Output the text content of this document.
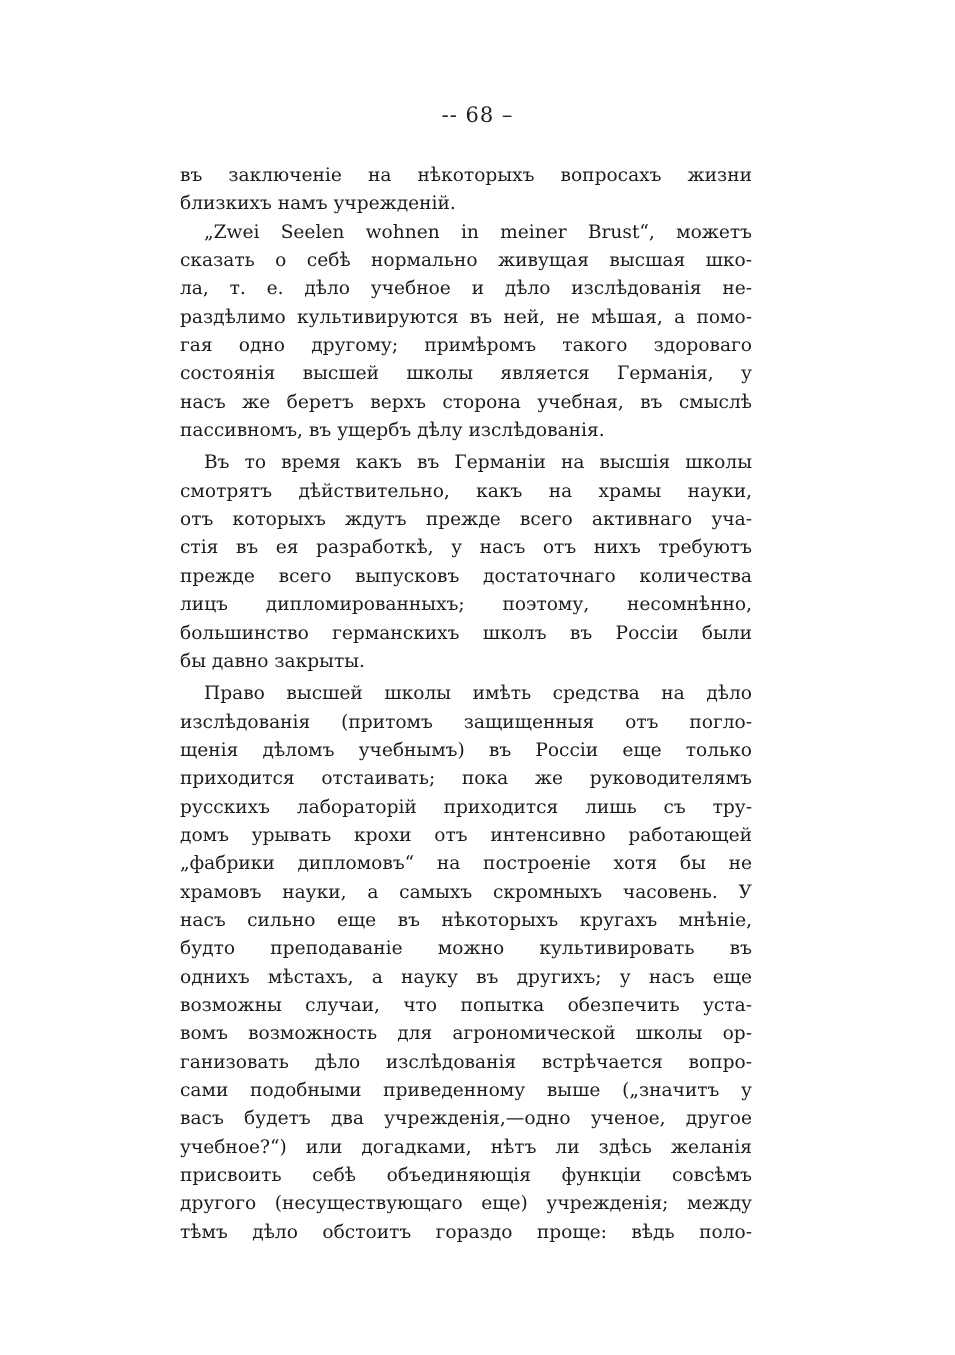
-- 68 –
въ заключеніе на нѣкоторыхъ вопросахъ жизни
близкихъ намъ учрежденій.
„Zwei Seelen wohnen in meiner Brust“, можетъ
сказать о себѣ нормально живущая высшая шко-
ла, т. е. дѣло учебное и дѣло изслѣдованія не-
раздѣлимо культивируются въ ней, не мѣшая, а помо-
гая одно другому; примѣромъ такого здороваго
состоянія высшей школы является Германія, у
насъ же беретъ верхъ сторона учебная, въ смыслѣ
пассивномъ, въ ущербъ дѣлу изслѣдованія.
Въ то время какъ въ Германіи на высшія школы
смотрятъ дѣйствительно, какъ на храмы науки,
отъ которыхъ ждутъ прежде всего активнаго уча-
стія въ ея разработкѣ, у насъ отъ нихъ требуютъ
прежде всего выпусковъ достаточнаго количества
лицъ дипломированныхъ; поэтому, несомнѣнно,
большинство германскихъ школъ въ Россіи были
бы давно закрыты.
Право высшей школы имѣть средства на дѣло
изслѣдованія (притомъ защищенныя отъ погло-
щенія дѣломъ учебнымъ) въ Россіи еще только
приходится отстаивать; пока же руководителямъ
русскихъ лабораторій приходится лишь съ тру-
домъ урывать крохи отъ интенсивно работающей
„фабрики дипломовъ“ на построеніе хотя бы не
храмовъ науки, а самыхъ скромныхъ часовень. У
насъ сильно еще въ нѣкоторыхъ кругахъ мнѣніе,
будто преподаваніе можно культивировать въ
однихъ мѣстахъ, а науку въ другихъ; у насъ еще
возможны случаи, что попытка обезпечить уста-
вомъ возможность для агрономической школы ор-
ганизовать дѣло изслѣдованія встрѣчается вопро-
сами подобными приведенному выше („значитъ у
васъ будетъ два учрежденія,—одно ученое, другое
учебное?“) или догадками, нѣтъ ли здѣсь желанія
присвоить себѣ объединяющія функціи совсѣмъ
другого (несуществующаго еще) учрежденія; между
тѣмъ дѣло обстоитъ гораздо проще: вѣдь поло-
